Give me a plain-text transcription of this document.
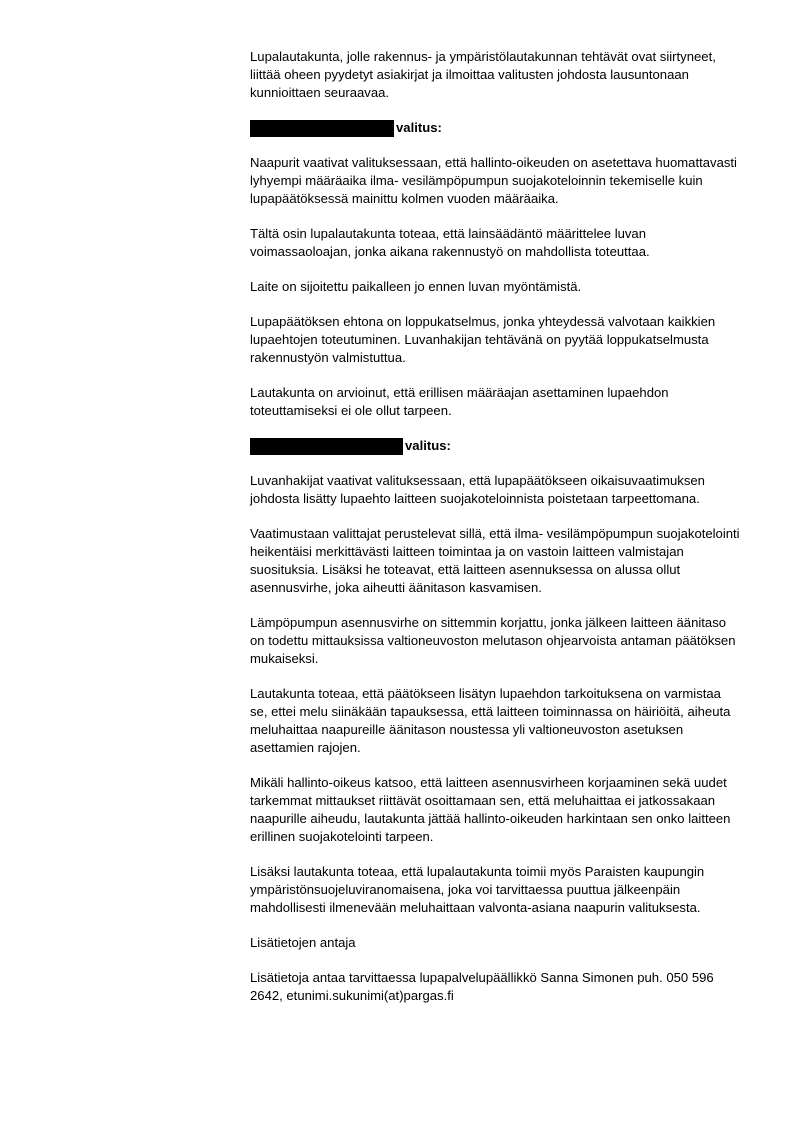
Lupalautakunta, jolle rakennus- ja ympäristölautakunnan tehtävät ovat siirtyneet, liittää oheen pyydetyt asiakirjat ja ilmoittaa valitusten johdosta lausuntonaan kunnioittaen seuraavaa.

valitus:

Naapurit vaativat valituksessaan, että hallinto-oikeuden on asetettava huomattavasti lyhyempi määräaika ilma- vesilämpöpumpun suojakoteloinnin tekemiselle kuin lupapäätöksessä mainittu kolmen vuoden määräaika.

Tältä osin lupalautakunta toteaa, että lainsäädäntö määrittelee luvan voimassaoloajan, jonka aikana rakennustyö on mahdollista toteuttaa.

Laite on sijoitettu paikalleen jo ennen luvan myöntämistä.

Lupapäätöksen ehtona on loppukatselmus, jonka yhteydessä valvotaan kaikkien lupaehtojen toteutuminen. Luvanhakijan tehtävänä on pyytää loppukatselmusta rakennustyön valmistuttua.

Lautakunta on arvioinut, että erillisen määräajan asettaminen lupaehdon toteuttamiseksi ei ole ollut tarpeen.

valitus:

Luvanhakijat vaativat valituksessaan, että lupapäätökseen oikaisuvaatimuksen johdosta lisätty lupaehto laitteen suojakoteloinnista poistetaan tarpeettomana.

Vaatimustaan valittajat perustelevat sillä, että ilma- vesilämpöpumpun suojakotelointi heikentäisi merkittävästi laitteen toimintaa ja on vastoin laitteen valmistajan suosituksia. Lisäksi he toteavat, että laitteen asennuksessa on alussa ollut asennusvirhe, joka aiheutti äänitason kasvamisen.

Lämpöpumpun asennusvirhe on sittemmin korjattu, jonka jälkeen laitteen äänitaso on todettu mittauksissa valtioneuvoston melutason ohjearvoista antaman päätöksen mukaiseksi.

Lautakunta toteaa, että päätökseen lisätyn lupaehdon tarkoituksena on varmistaa se, ettei melu siinäkään tapauksessa, että laitteen toiminnassa on häiriöitä, aiheuta meluhaittaa naapureille äänitason noustessa yli valtioneuvoston asetuksen asettamien rajojen.

Mikäli hallinto-oikeus katsoo, että laitteen asennusvirheen korjaaminen sekä uudet tarkemmat mittaukset riittävät osoittamaan sen, että meluhaittaa ei jatkossakaan naapurille aiheudu, lautakunta jättää hallinto-oikeuden harkintaan sen onko laitteen erillinen suojakotelointi tarpeen.

Lisäksi lautakunta toteaa, että lupalautakunta toimii myös Paraisten kaupungin ympäristönsuojeluviranomaisena, joka voi tarvittaessa puuttua jälkeenpäin mahdollisesti ilmenevään meluhaittaan valvonta-asiana naapurin valituksesta.

Lisätietojen antaja

Lisätietoja antaa tarvittaessa lupapalvelupäällikkö Sanna Simonen puh. 050 596 2642, etunimi.sukunimi(at)pargas.fi
